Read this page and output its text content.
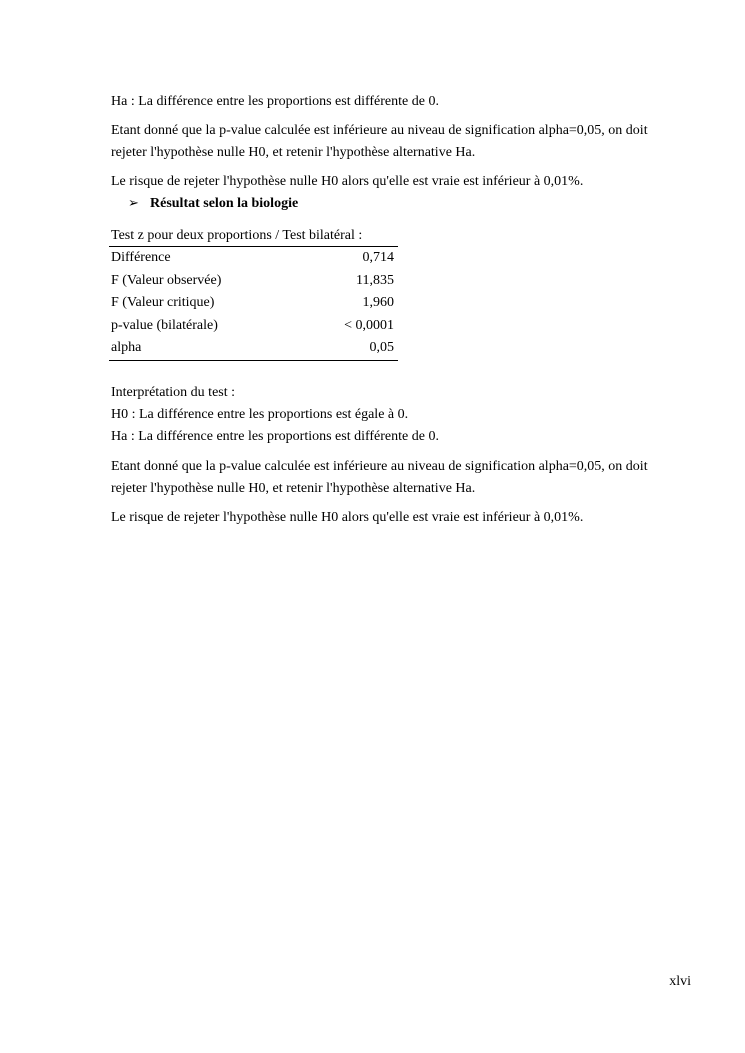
Ha : La différence entre les proportions est différente de 0.
Etant donné que la p-value calculée est inférieure au niveau de signification alpha=0,05, on doit
rejeter l'hypothèse nulle H0, et retenir l'hypothèse alternative Ha.
Le risque de rejeter l'hypothèse nulle H0 alors qu'elle est vraie est inférieur à 0,01%.
➢ Résultat selon la biologie
Test z pour deux proportions / Test bilatéral :
Différence	0,714
F (Valeur observée)	11,835
F (Valeur critique)	1,960
p-value (bilatérale)	< 0,0001
alpha	0,05
Interprétation du test :
H0 : La différence entre les proportions est égale à 0.
Ha : La différence entre les proportions est différente de 0.
Etant donné que la p-value calculée est inférieure au niveau de signification alpha=0,05, on doit
rejeter l'hypothèse nulle H0, et retenir l'hypothèse alternative Ha.
Le risque de rejeter l'hypothèse nulle H0 alors qu'elle est vraie est inférieur à 0,01%.
xlvi
